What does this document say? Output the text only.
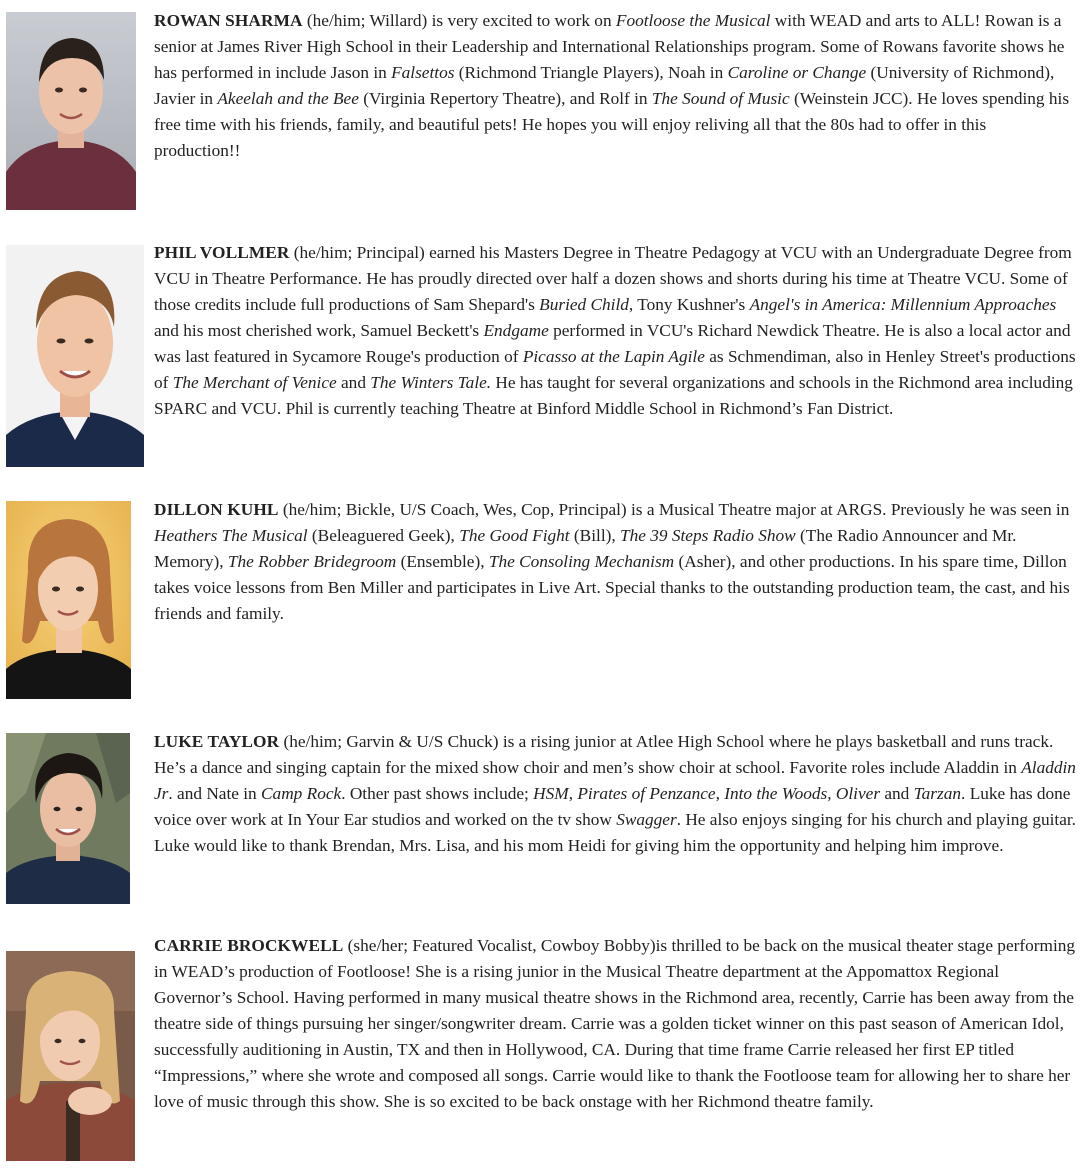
ROWAN SHARMA (he/him; Willard) is very excited to work on Footloose the Musical with WEAD and arts to ALL! Rowan is a senior at James River High School in their Leadership and International Relationships program. Some of Rowans favorite shows he has performed in include Jason in Falsettos (Richmond Triangle Players), Noah in Caroline or Change (University of Richmond), Javier in Akeelah and the Bee (Virginia Repertory Theatre), and Rolf in The Sound of Music (Weinstein JCC). He loves spending his free time with his friends, family, and beautiful pets! He hopes you will enjoy reliving all that the 80s had to offer in this production!!
PHIL VOLLMER (he/him; Principal) earned his Masters Degree in Theatre Pedagogy at VCU with an Undergraduate Degree from VCU in Theatre Performance. He has proudly directed over half a dozen shows and shorts during his time at Theatre VCU. Some of those credits include full productions of Sam Shepard's Buried Child, Tony Kushner's Angel's in America: Millennium Approaches and his most cherished work, Samuel Beckett's Endgame performed in VCU's Richard Newdick Theatre. He is also a local actor and was last featured in Sycamore Rouge's production of Picasso at the Lapin Agile as Schmendiman, also in Henley Street's productions of The Merchant of Venice and The Winters Tale. He has taught for several organizations and schools in the Richmond area including SPARC and VCU. Phil is currently teaching Theatre at Binford Middle School in Richmond’s Fan District.
DILLON KUHL (he/him; Bickle, U/S Coach, Wes, Cop, Principal) is a Musical Theatre major at ARGS. Previously he was seen in Heathers The Musical (Beleaguered Geek), The Good Fight (Bill), The 39 Steps Radio Show (The Radio Announcer and Mr. Memory), The Robber Bridegroom (Ensemble), The Consoling Mechanism (Asher), and other productions. In his spare time, Dillon takes voice lessons from Ben Miller and participates in Live Art. Special thanks to the outstanding production team, the cast, and his friends and family.
LUKE TAYLOR (he/him; Garvin & U/S Chuck) is a rising junior at Atlee High School where he plays basketball and runs track. He’s a dance and singing captain for the mixed show choir and men’s show choir at school. Favorite roles include Aladdin in Aladdin Jr. and Nate in Camp Rock. Other past shows include; HSM, Pirates of Penzance, Into the Woods, Oliver and Tarzan. Luke has done voice over work at In Your Ear studios and worked on the tv show Swagger. He also enjoys singing for his church and playing guitar. Luke would like to thank Brendan, Mrs. Lisa, and his mom Heidi for giving him the opportunity and helping him improve.
CARRIE BROCKWELL (she/her; Featured Vocalist, Cowboy Bobby)is thrilled to be back on the musical theater stage performing in WEAD’s production of Footloose! She is a rising junior in the Musical Theatre department at the Appomattox Regional Governor’s School. Having performed in many musical theatre shows in the Richmond area, recently, Carrie has been away from the theatre side of things pursuing her singer/songwriter dream. Carrie was a golden ticket winner on this past season of American Idol, successfully auditioning in Austin, TX and then in Hollywood, CA. During that time frame Carrie released her first EP titled “Impressions,” where she wrote and composed all songs. Carrie would like to thank the Footloose team for allowing her to share her love of music through this show. She is so excited to be back onstage with her Richmond theatre family.
